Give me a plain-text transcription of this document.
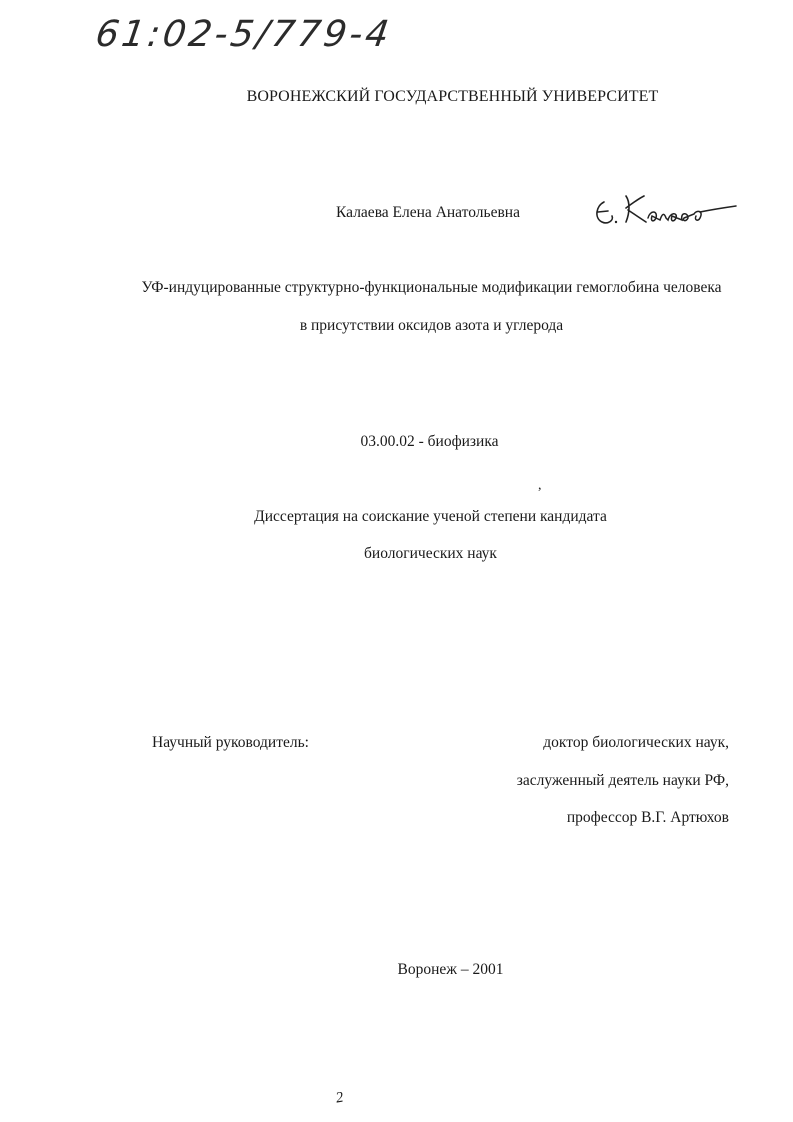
61:02-5/779-4
ВОРОНЕЖСКИЙ ГОСУДАРСТВЕННЫЙ УНИВЕРСИТЕТ
Калаева Елена Анатольевна
УФ-индуцированные структурно-функциональные модификации гемоглобина человека
в присутствии оксидов азота и углерода
03.00.02 - биофизика
,
Диссертация на соискание ученой степени кандидата
биологических наук
Научный руководитель:	доктор биологических наук,
заслуженный деятель науки РФ,
профессор В.Г. Артюхов
Воронеж – 2001
2
